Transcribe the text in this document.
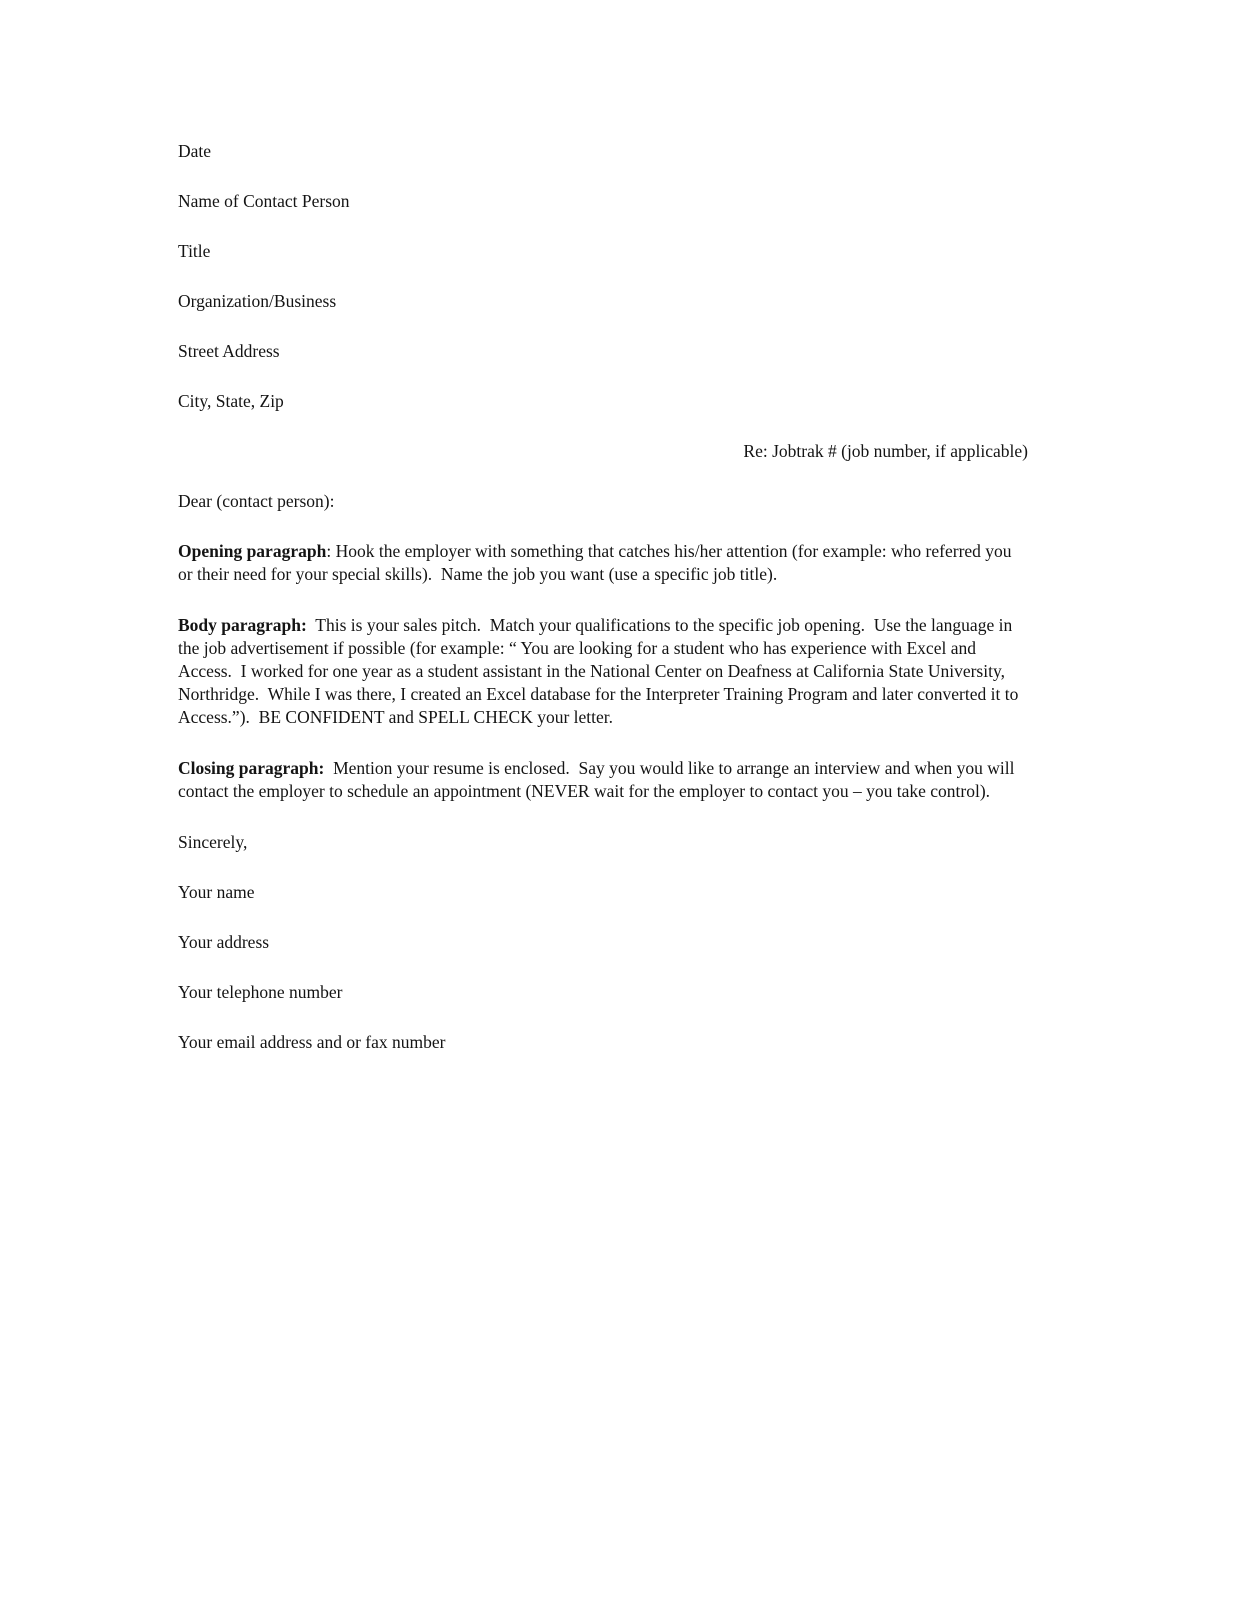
Date

Name of Contact Person

Title

Organization/Business

Street Address

City, State, Zip

Re: Jobtrak # (job number, if applicable)

Dear (contact person):

Opening paragraph: Hook the employer with something that catches his/her attention (for example: who referred you or their need for your special skills).  Name the job you want (use a specific job title).

Body paragraph: This is your sales pitch.  Match your qualifications to the specific job opening.  Use the language in the job advertisement if possible (for example: “ You are looking for a student who has experience with Excel and Access.  I worked for one year as a student assistant in the National Center on Deafness at California State University, Northridge.  While I was there, I created an Excel database for the Interpreter Training Program and later converted it to Access.”).  BE CONFIDENT and SPELL CHECK your letter.

Closing paragraph: Mention your resume is enclosed.  Say you would like to arrange an interview and when you will contact the employer to schedule an appointment (NEVER wait for the employer to contact you – you take control).

Sincerely,

Your name

Your address

Your telephone number

Your email address and or fax number
